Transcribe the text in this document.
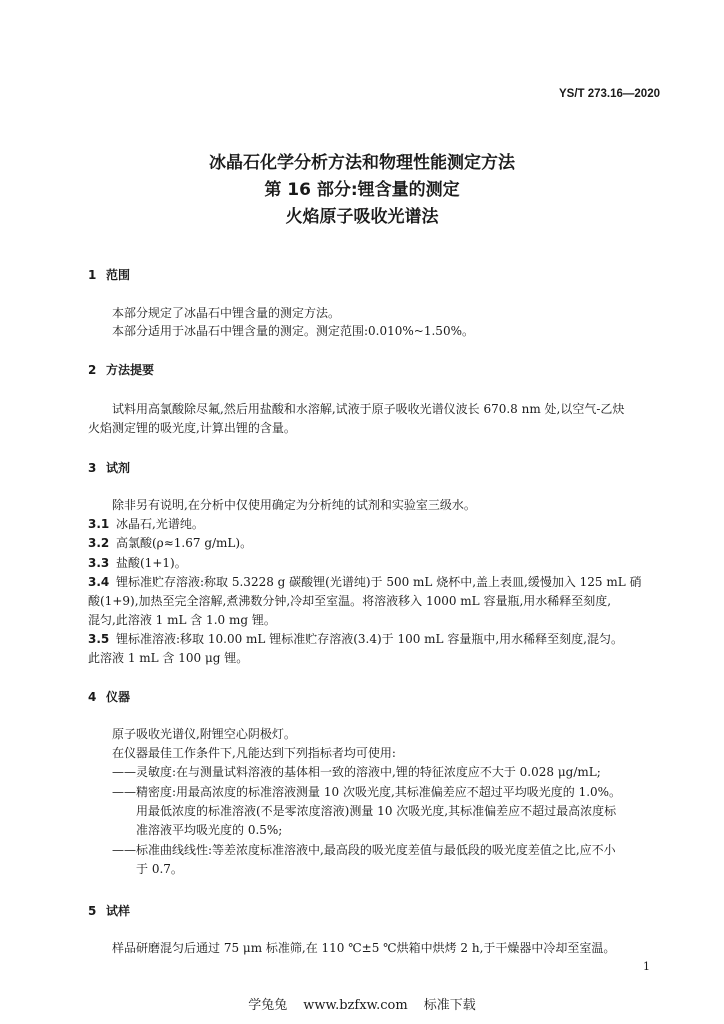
YS/T 273.16—2020
冰晶石化学分析方法和物理性能测定方法
第 16 部分:锂含量的测定
火焰原子吸收光谱法
1 范围
本部分规定了冰晶石中锂含量的测定方法。
本部分适用于冰晶石中锂含量的测定。测定范围:0.010%~1.50%。
2 方法提要
试料用高氯酸除尽氟,然后用盐酸和水溶解,试液于原子吸收光谱仪波长 670.8 nm 处,以空气-乙炔
火焰测定锂的吸光度,计算出锂的含量。
3 试剂
除非另有说明,在分析中仅使用确定为分析纯的试剂和实验室三级水。
3.1 冰晶石,光谱纯。
3.2 高氯酸(ρ≈1.67 g/mL)。
3.3 盐酸(1+1)。
3.4 锂标准贮存溶液:称取 5.3228 g 碳酸锂(光谱纯)于 500 mL 烧杯中,盖上表皿,缓慢加入 125 mL 硝
酸(1+9),加热至完全溶解,煮沸数分钟,冷却至室温。将溶液移入 1000 mL 容量瓶,用水稀释至刻度,
混匀,此溶液 1 mL 含 1.0 mg 锂。
3.5 锂标准溶液:移取 10.00 mL 锂标准贮存溶液(3.4)于 100 mL 容量瓶中,用水稀释至刻度,混匀。
此溶液 1 mL 含 100 μg 锂。
4 仪器
原子吸收光谱仪,附锂空心阴极灯。
在仪器最佳工作条件下,凡能达到下列指标者均可使用:
——灵敏度:在与测量试料溶液的基体相一致的溶液中,锂的特征浓度应不大于 0.028 μg/mL;
——精密度:用最高浓度的标准溶液测量 10 次吸光度,其标准偏差应不超过平均吸光度的 1.0%。
用最低浓度的标准溶液(不是零浓度溶液)测量 10 次吸光度,其标准偏差应不超过最高浓度标
准溶液平均吸光度的 0.5%;
——标准曲线线性:等差浓度标准溶液中,最高段的吸光度差值与最低段的吸光度差值之比,应不小
于 0.7。
5 试样
样品研磨混匀后通过 75 μm 标准筛,在 110 ℃±5 ℃烘箱中烘烤 2 h,于干燥器中冷却至室温。
1
学兔兔 www.bzfxw.com 标准下载
